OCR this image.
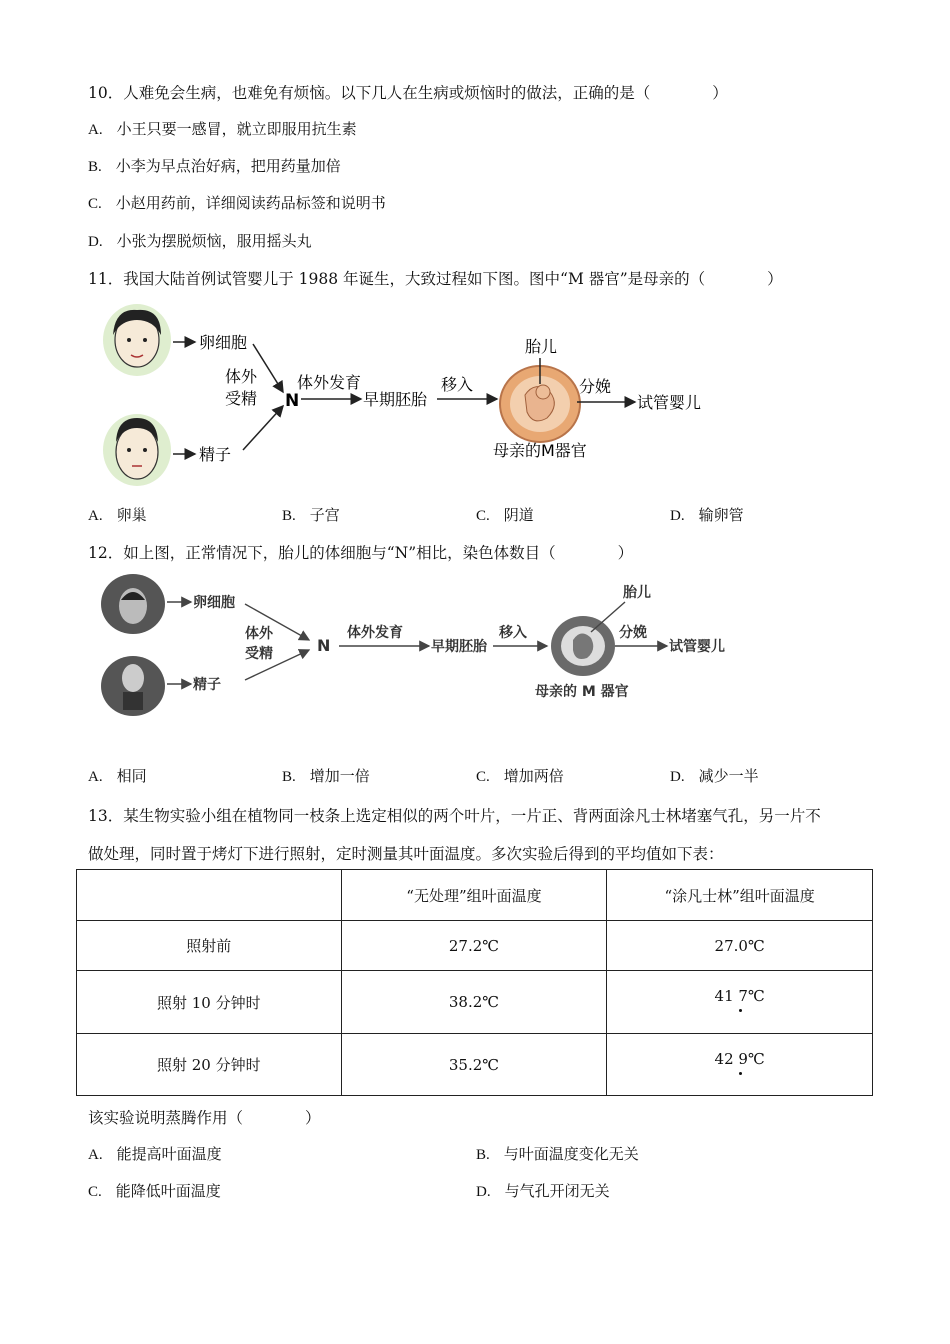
10．人难免会生病，也难免有烦恼。以下几人在生病或烦恼时的做法，正确的是（　　　　）
A. 小王只要一感冒，就立即服用抗生素
B. 小李为早点治好病，把用药量加倍
C. 小赵用药前，详细阅读药品标签和说明书
D. 小张为摆脱烦恼，服用摇头丸
11．我国大陆首例试管婴儿于 1988 年诞生，大致过程如下图。图中“M 器官”是母亲的（　　　　）
卵细胞
精子
体外
受精 N
体外发育
早期胚胎
移入
胎儿
母亲的M器官
分娩
试管婴儿
A. 卵巢	B. 子宫	C. 阴道	D. 输卵管
12．如上图，正常情况下，胎儿的体细胞与“N”相比，染色体数目（　　　　）
卵细胞
精子
体外
受精	N
体外发育
早期胚胎
移入
胎儿
母亲的 M 器官
分娩
试管婴儿
A. 相同	B. 增加一倍	C. 增加两倍	D. 减少一半
13．某生物实验小组在植物同一枝条上选定相似的两个叶片，一片正、背两面涂凡士林堵塞气孔，另一片不
做处理，同时置于烤灯下进行照射，定时测量其叶面温度。多次实验后得到的平均值如下表：
	“无处理”组叶面温度	“涂凡士林”组叶面温度
照射前	27.2℃	27.0℃
照射 10 分钟时	38.2℃	41 7℃

照射 20 分钟时	35.2℃	42 9℃
该实验说明蒸腾作用（　　　　）
A. 能提高叶面温度	B. 与叶面温度变化无关
C. 能降低叶面温度	D. 与气孔开闭无关
